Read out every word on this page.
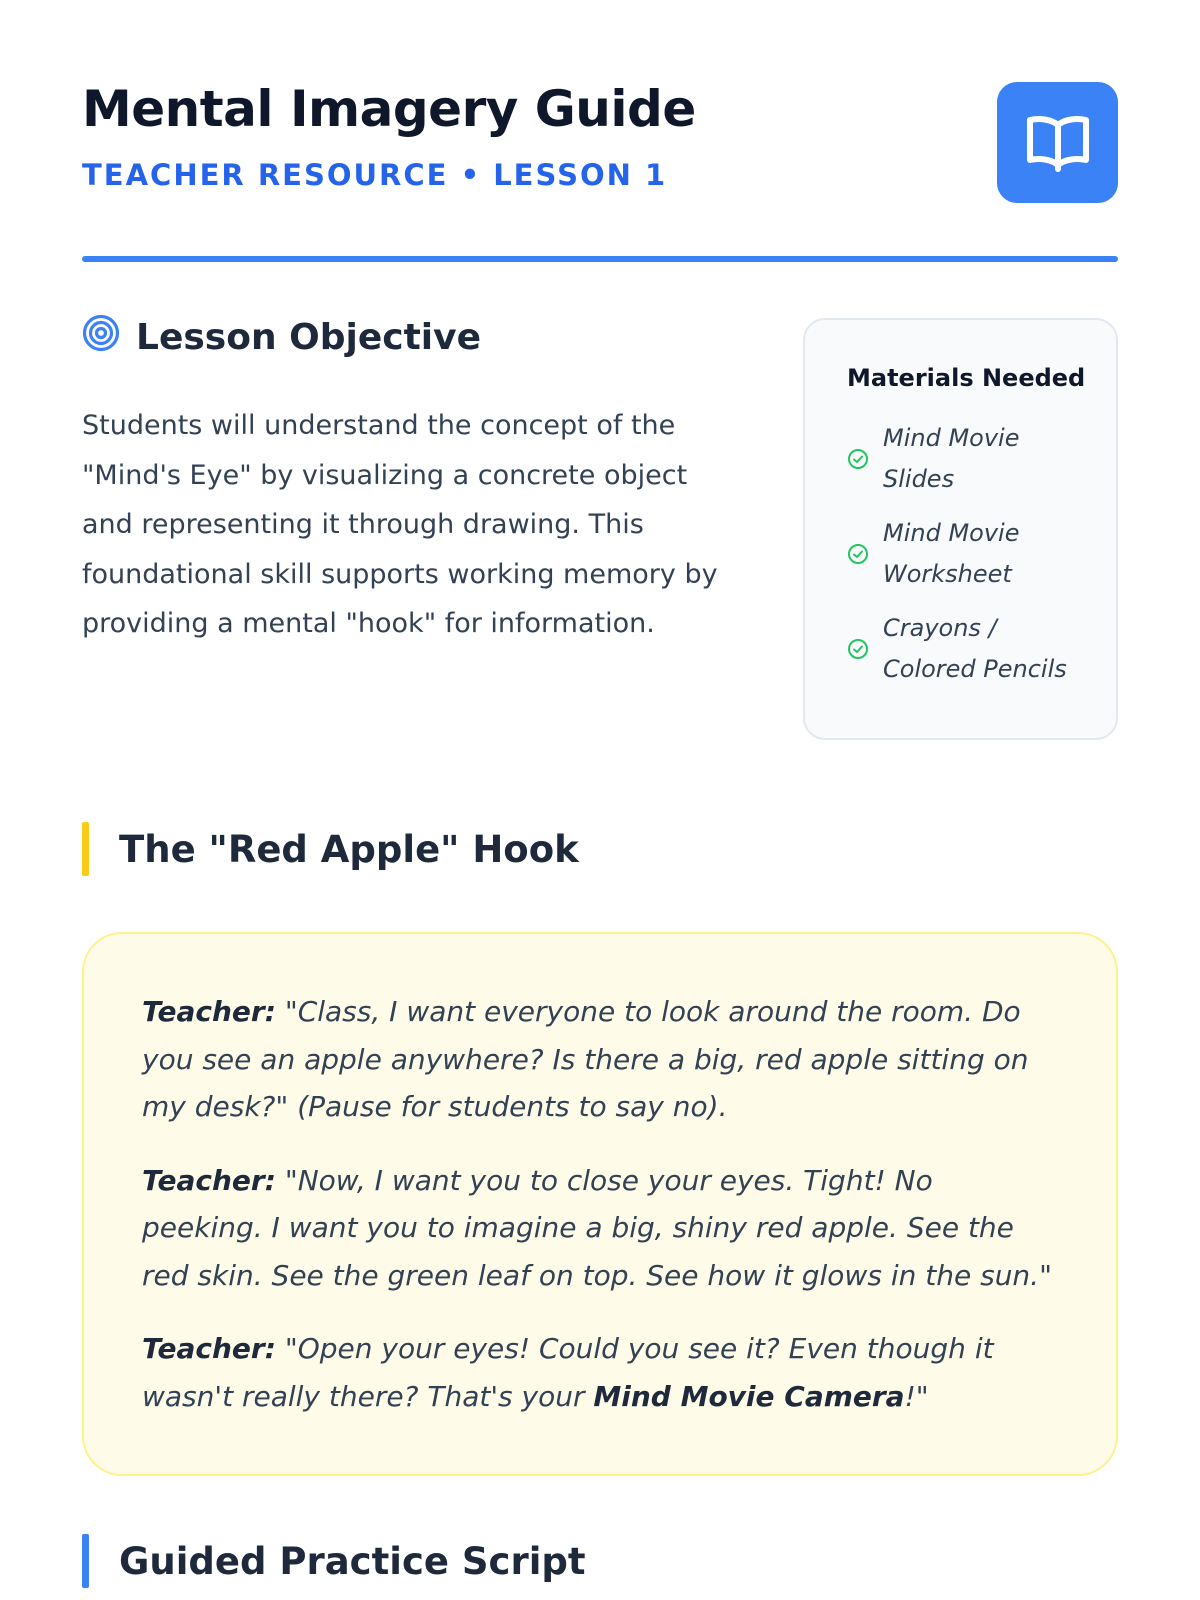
Mental Imagery Guide
TEACHER RESOURCE • LESSON 1
Lesson Objective

Students will understand the concept of the "Mind's Eye" by visualizing a concrete object and representing it through drawing. This foundational skill supports working memory by providing a mental "hook" for information.

Materials Needed
Mind Movie Slides
Mind Movie Worksheet
Crayons / Colored Pencils
The "Red Apple" Hook

Teacher: "Class, I want everyone to look around the room. Do you see an apple anywhere? Is there a big, red apple sitting on my desk?" (Pause for students to say no).

Teacher: "Now, I want you to close your eyes. Tight! No peeking. I want you to imagine a big, shiny red apple. See the red skin. See the green leaf on top. See how it glows in the sun."

Teacher: "Open your eyes! Could you see it? Even though it wasn't really there? That's your Mind Movie Camera!"

Guided Practice Script
